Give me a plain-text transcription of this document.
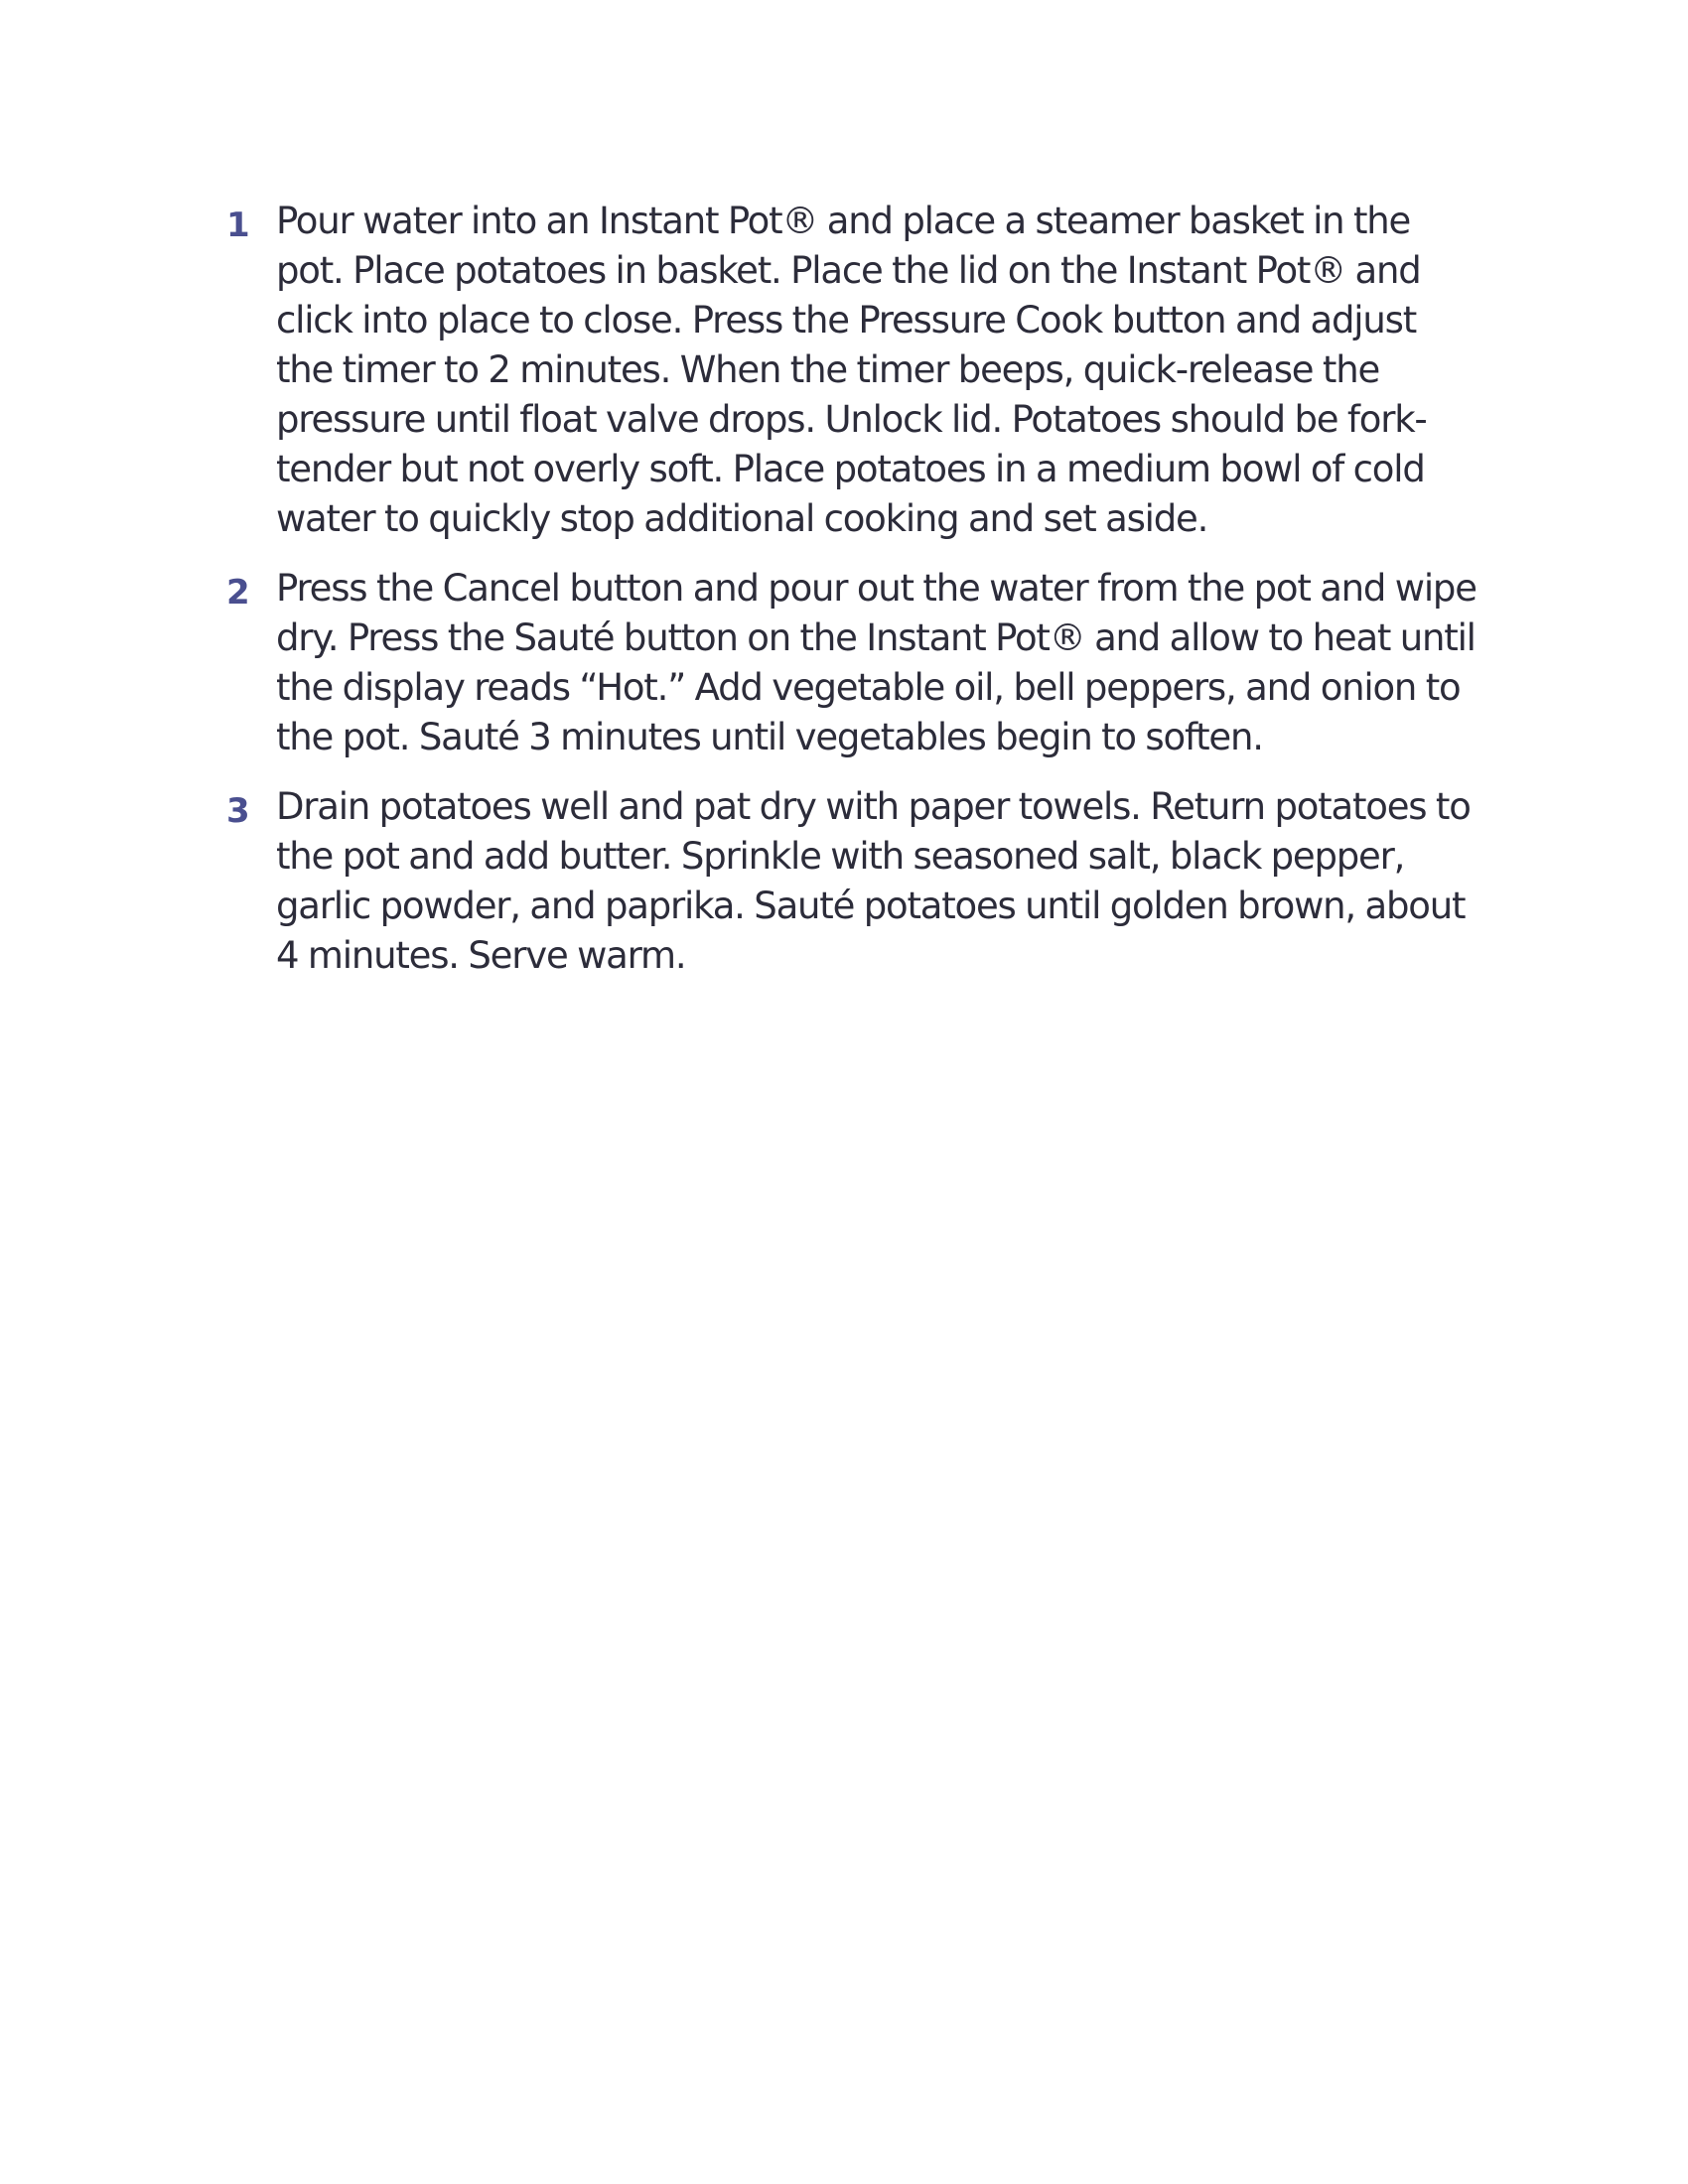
1 Pour water into an Instant Pot® and place a steamer basket in the pot. Place potatoes in basket. Place the lid on the Instant Pot® and click into place to close. Press the Pressure Cook button and adjust the timer to 2 minutes. When the timer beeps, quick-release the pressure until float valve drops. Unlock lid. Potatoes should be fork-tender but not overly soft. Place potatoes in a medium bowl of cold water to quickly stop additional cooking and set aside.
2 Press the Cancel button and pour out the water from the pot and wipe dry. Press the Sauté button on the Instant Pot® and allow to heat until the display reads “Hot.” Add vegetable oil, bell peppers, and onion to the pot. Sauté 3 minutes until vegetables begin to soften.
3 Drain potatoes well and pat dry with paper towels. Return potatoes to the pot and add butter. Sprinkle with seasoned salt, black pepper, garlic powder, and paprika. Sauté potatoes until golden brown, about 4 minutes. Serve warm.
